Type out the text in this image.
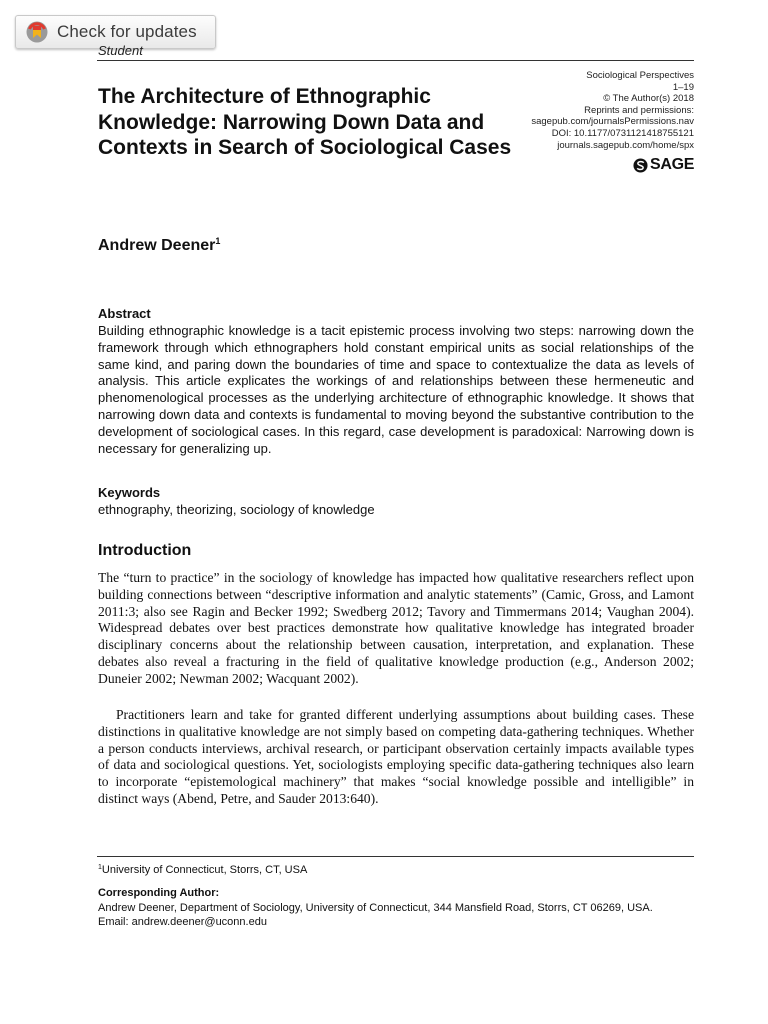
Check for updates
Student
The Architecture of Ethnographic Knowledge: Narrowing Down Data and Contexts in Search of Sociological Cases
Sociological Perspectives
1–19
© The Author(s) 2018
Reprints and permissions:
sagepub.com/journalsPermissions.nav
DOI: 10.1177/0731121418755121
journals.sagepub.com/home/spx
SAGE
Andrew Deener$^1$
Abstract

Building ethnographic knowledge is a tacit epistemic process involving two steps: narrowing down the framework through which ethnographers hold constant empirical units as social relationships of the same kind, and paring down the boundaries of time and space to contextualize the data as levels of analysis. This article explicates the workings of and relationships between these hermeneutic and phenomenological processes as the underlying architecture of ethnographic knowledge. It shows that narrowing down data and contexts is fundamental to moving beyond the substantive contribution to the development of sociological cases. In this regard, case development is paradoxical: Narrowing down is necessary for generalizing up.

Keywords
ethnography, theorizing, sociology of knowledge
Introduction

The “turn to practice” in the sociology of knowledge has impacted how qualitative researchers reflect upon building connections between “descriptive information and analytic statements” (Camic, Gross, and Lamont 2011:3; also see Ragin and Becker 1992; Swedberg 2012; Tavory and Timmermans 2014; Vaughan 2004). Widespread debates over best practices demonstrate how qualitative knowledge has integrated broader disciplinary concerns about the relationship between causation, interpretation, and explanation. These debates also reveal a fracturing in the field of qualitative knowledge production (e.g., Anderson 2002; Duneier 2002; Newman 2002; Wacquant 2002).

Practitioners learn and take for granted different underlying assumptions about building cases. These distinctions in qualitative knowledge are not simply based on competing data-gathering techniques. Whether a person conducts interviews, archival research, or participant observation certainly impacts available types of data and sociological questions. Yet, sociologists employing specific data-gathering techniques also learn to incorporate “epistemological machinery” that makes “social knowledge possible and intelligible” in distinct ways (Abend, Petre, and Sauder 2013:640).

$^1$University of Connecticut, Storrs, CT, USA
Corresponding Author:
Andrew Deener, Department of Sociology, University of Connecticut, 344 Mansfield Road, Storrs, CT 06269, USA.
Email: andrew.deener@uconn.edu
